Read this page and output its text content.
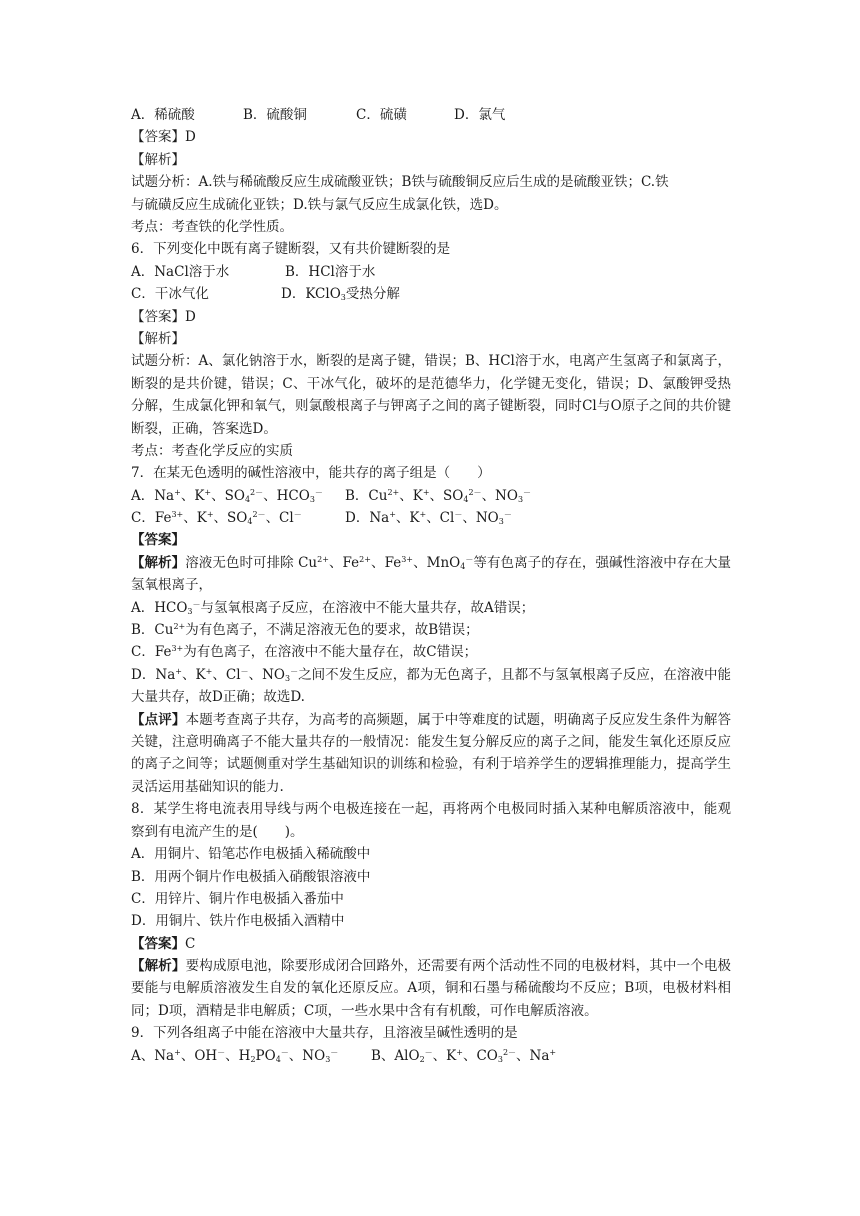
A．稀硫酸	B．硫酸铜	C．硫磺	D．氯气
【答案】D
【解析】
试题分析：A.铁与稀硫酸反应生成硫酸亚铁；B铁与硫酸铜反应后生成的是硫酸亚铁；C.铁
与硫磺反应生成硫化亚铁；D.铁与氯气反应生成氯化铁，选D。
考点：考查铁的化学性质。
6．下列变化中既有离子键断裂，又有共价键断裂的是
A．NaCl溶于水	B．HCl溶于水
C．干冰气化	D．KClO$_3$受热分解
【答案】D
【解析】
试题分析：A、氯化钠溶于水，断裂的是离子键，错误；B、HCl溶于水，电离产生氢离子和氯离子，断裂的是共价键，错误；C、干冰气化，破坏的是范德华力，化学键无变化，错误；D、氯酸钾受热分解，生成氯化钾和氧气，则氯酸根离子与钾离子之间的离子键断裂，同时Cl与O原子之间的共价键断裂，正确，答案选D。
考点：考查化学反应的实质
7．在某无色透明的碱性溶液中，能共存的离子组是（　　）
A．Na+、K+、$SO_4^{2-}$、$HCO_3^-$ B．$Cu^{2+}$、K+、$SO_4^{2-}$、$NO_3^-$
C．$Fe^{3+}$、K+、$SO_4^{2-}$、Cl－	D．Na+、K+、Cl－、$NO_3^-$
【答案】
【解析】溶液无色时可排除 $Cu^{2+}$、$Fe^{2+}$、$Fe^{3+}$、MnO$_4$－等有色离子的存在，强碱性溶液中存在大量氢氧根离子，
A．$HCO_3^-$与氢氧根离子反应，在溶液中不能大量共存，故A错误；
B．$Cu^{2+}$为有色离子，不满足溶液无色的要求，故B错误；
C．$Fe^{3+}$为有色离子，在溶液中不能大量存在，故C错误；
D．Na+、K+、Cl－、$NO_3^-$之间不发生反应，都为无色离子，且都不与氢氧根离子反应，在溶液中能大量共存，故D正确；故选D.
【点评】本题考查离子共存，为高考的高频题，属于中等难度的试题，明确离子反应发生条件为解答关键，注意明确离子不能大量共存的一般情况：能发生复分解反应的离子之间，能发生氧化还原反应的离子之间等；试题侧重对学生基础知识的训练和检验，有利于培养学生的逻辑推理能力，提高学生灵活运用基础知识的能力.
8．某学生将电流表用导线与两个电极连接在一起，再将两个电极同时插入某种电解质溶液中，能观察到有电流产生的是(　　)。
A．用铜片、铅笔芯作电极插入稀硫酸中
B．用两个铜片作电极插入硝酸银溶液中
C．用锌片、铜片作电极插入番茄中
D．用铜片、铁片作电极插入酒精中
【答案】C
【解析】要构成原电池，除要形成闭合回路外，还需要有两个活动性不同的电极材料，其中一个电极要能与电解质溶液发生自发的氧化还原反应。A项，铜和石墨与稀硫酸均不反应；B项，电极材料相同；D项，酒精是非电解质；C项，一些水果中含有有机酸，可作电解质溶液。
9．下列各组离子中能在溶液中大量共存，且溶液呈碱性透明的是
A、Na+、OH－、$H_2PO_4^-$、$NO_3^-$ B、AlO$_2$－、K+、$CO_3^{2-}$、Na+
